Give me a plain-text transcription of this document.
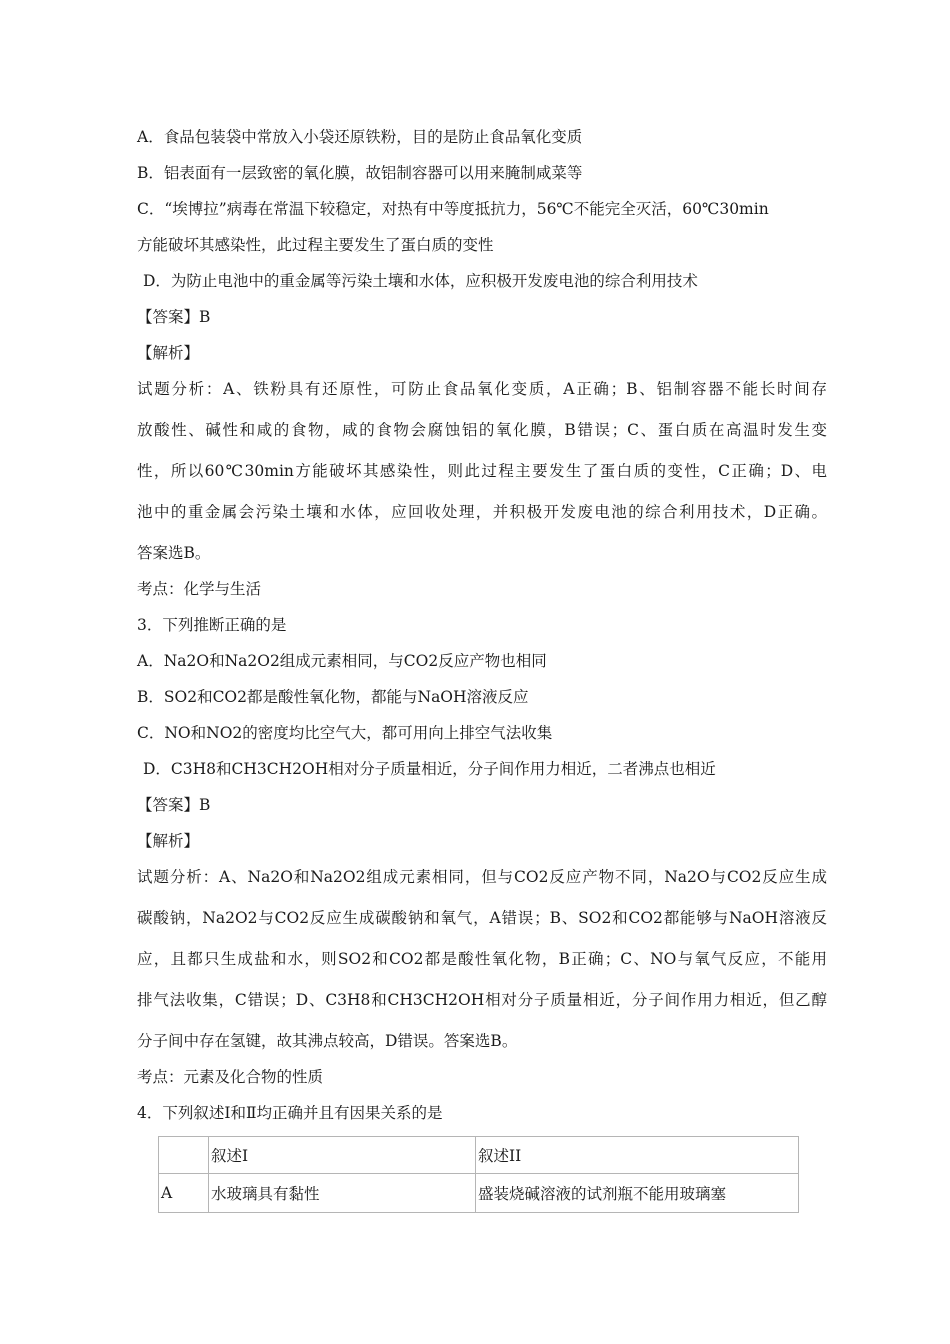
A．食品包装袋中常放入小袋还原铁粉，目的是防止食品氧化变质
B．铝表面有一层致密的氧化膜，故铝制容器可以用来腌制咸菜等
C．“埃博拉”病毒在常温下较稳定，对热有中等度抵抗力，56℃不能完全灭活，60℃30min
方能破坏其感染性，此过程主要发生了蛋白质的变性
D．为防止电池中的重金属等污染土壤和水体，应积极开发废电池的综合利用技术
【答案】B
【解析】
试题分析：A、铁粉具有还原性，可防止食品氧化变质，A正确；B、铝制容器不能长时间存
放酸性、碱性和咸的食物，咸的食物会腐蚀铝的氧化膜，B错误；C、蛋白质在高温时发生变
性，所以60℃30min方能破坏其感染性，则此过程主要发生了蛋白质的变性，C正确；D、电
池中的重金属会污染土壤和水体，应回收处理，并积极开发废电池的综合利用技术，D正确。
答案选B。
考点：化学与生活
3．下列推断正确的是
A．Na2O和Na2O2组成元素相同，与CO2反应产物也相同
B．SO2和CO2都是酸性氧化物，都能与NaOH溶液反应
C．NO和NO2的密度均比空气大，都可用向上排空气法收集
D．C3H8和CH3CH2OH相对分子质量相近，分子间作用力相近，二者沸点也相近
【答案】B
【解析】
试题分析：A、Na2O和Na2O2组成元素相同，但与CO2反应产物不同，Na2O与CO2反应生成
碳酸钠，Na2O2与CO2反应生成碳酸钠和氧气，A错误；B、SO2和CO2都能够与NaOH溶液反
应，且都只生成盐和水，则SO2和CO2都是酸性氧化物，B正确；C、NO与氧气反应，不能用
排气法收集，C错误；D、C3H8和CH3CH2OH相对分子质量相近，分子间作用力相近，但乙醇
分子间中存在氢键，故其沸点较高，D错误。答案选B。
考点：元素及化合物的性质
4．下列叙述Ⅰ和Ⅱ均正确并且有因果关系的是
	叙述I	叙述II
A	水玻璃具有黏性	盛装烧碱溶液的试剂瓶不能用玻璃塞
